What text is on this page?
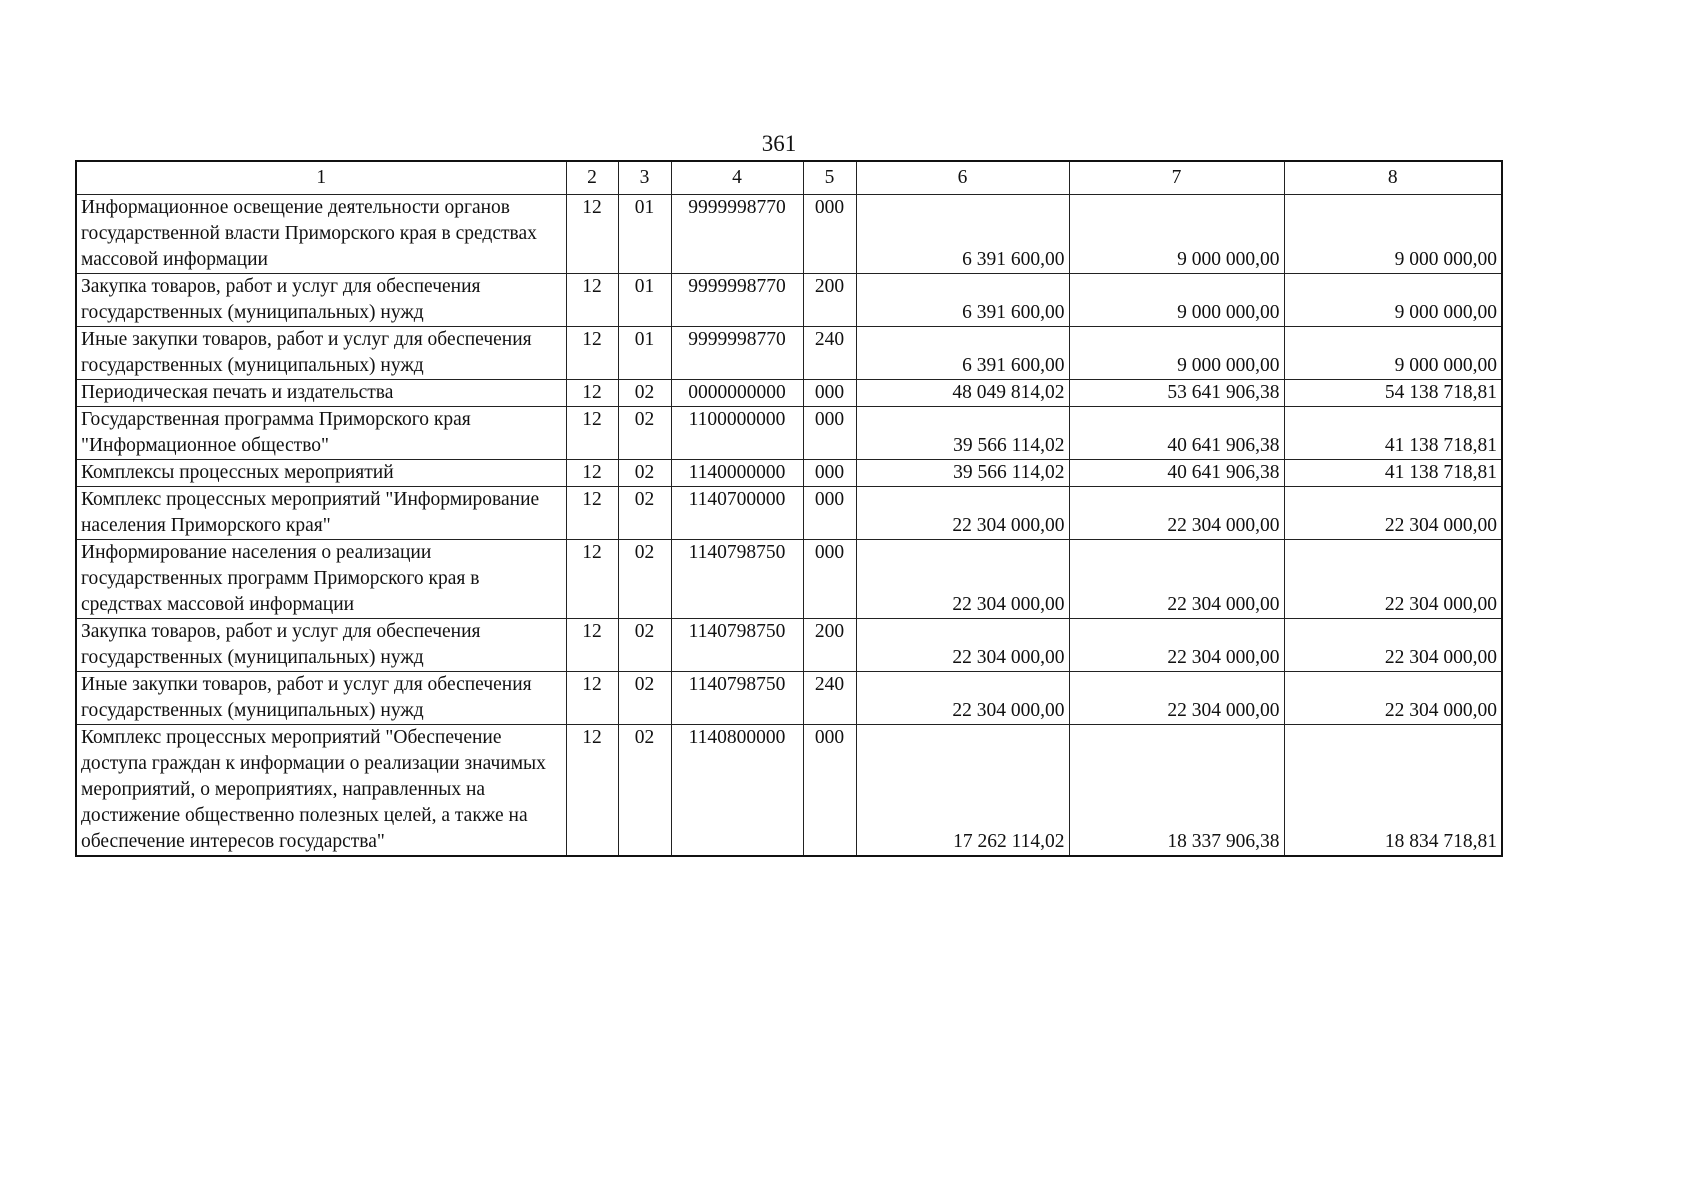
361
1	2	3	4	5	6	7	8
Информационное освещение деятельности органов государственной власти Приморского края в средствах массовой информации	12	01	9999998770	000	6 391 600,00	9 000 000,00	9 000 000,00
Закупка товаров, работ и услуг для обеспечения государственных (муниципальных) нужд	12	01	9999998770	200	6 391 600,00	9 000 000,00	9 000 000,00
Иные закупки товаров, работ и услуг для обеспечения государственных (муниципальных) нужд	12	01	9999998770	240	6 391 600,00	9 000 000,00	9 000 000,00
Периодическая печать и издательства	12	02	0000000000	000	48 049 814,02	53 641 906,38	54 138 718,81
Государственная программа Приморского края "Информационное общество"	12	02	1100000000	000	39 566 114,02	40 641 906,38	41 138 718,81
Комплексы процессных мероприятий	12	02	1140000000	000	39 566 114,02	40 641 906,38	41 138 718,81
Комплекс процессных мероприятий "Информирование населения Приморского края"	12	02	1140700000	000	22 304 000,00	22 304 000,00	22 304 000,00
Информирование населения о реализации государственных программ Приморского края в средствах массовой информации	12	02	1140798750	000	22 304 000,00	22 304 000,00	22 304 000,00
Закупка товаров, работ и услуг для обеспечения государственных (муниципальных) нужд	12	02	1140798750	200	22 304 000,00	22 304 000,00	22 304 000,00
Иные закупки товаров, работ и услуг для обеспечения государственных (муниципальных) нужд	12	02	1140798750	240	22 304 000,00	22 304 000,00	22 304 000,00
Комплекс процессных мероприятий "Обеспечение доступа граждан к информации о реализации значимых мероприятий, о мероприятиях, направленных на достижение общественно полезных целей, а также на обеспечение интересов государства"	12	02	1140800000	000	17 262 114,02	18 337 906,38	18 834 718,81
